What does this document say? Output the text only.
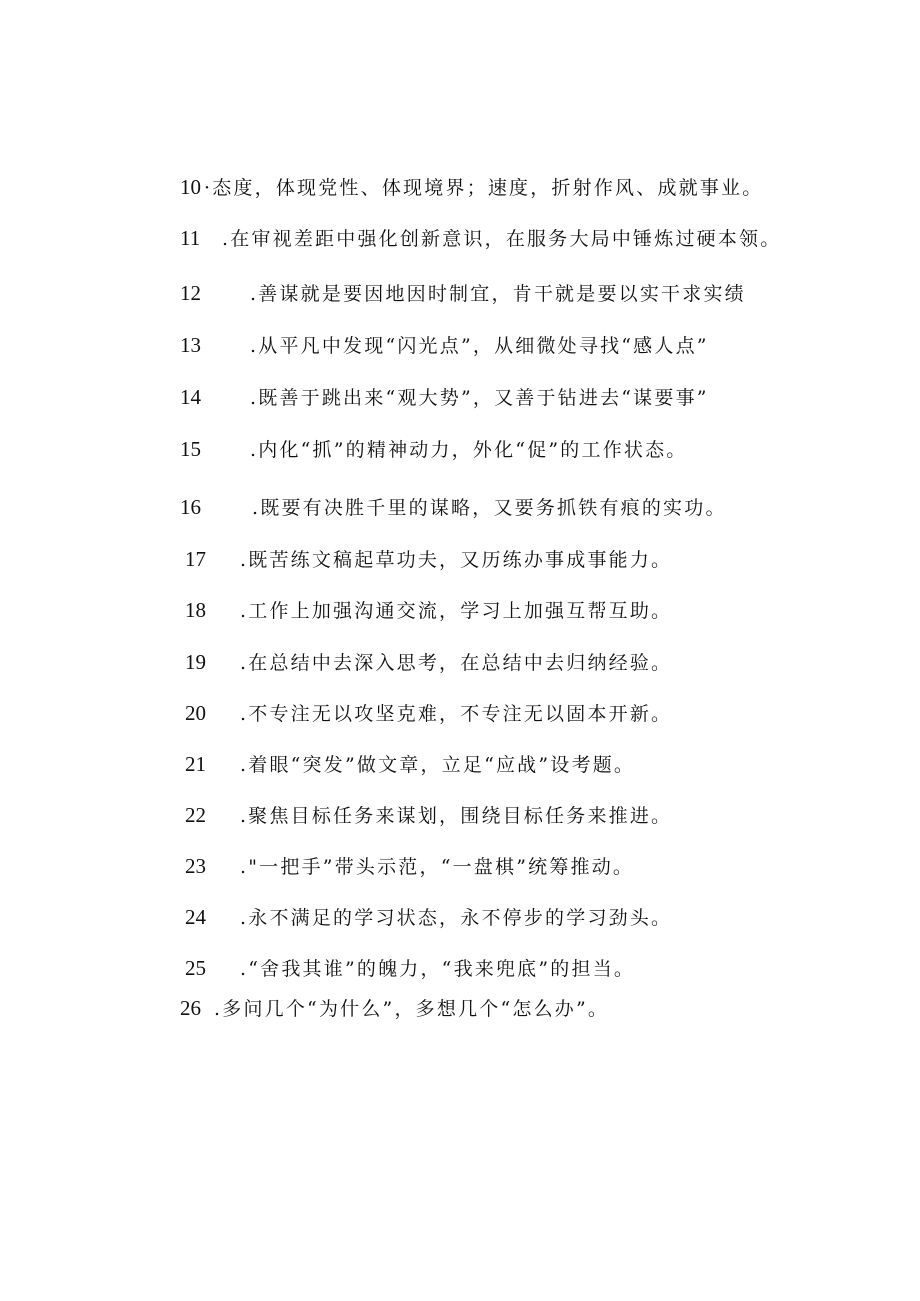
10 ·态度，体现党性、体现境界；速度，折射作风、成就事业。
11 .在审视差距中强化创新意识，在服务大局中锤炼过硬本领。
12	.善谋就是要因地因时制宜，肯干就是要以实干求实绩
13	.从平凡中发现“闪光点”，从细微处寻找“感人点”
14	.既善于跳出来“观大势”，又善于钻进去“谋要事”
15	.内化“抓”的精神动力，外化“促”的工作状态。
16	.既要有决胜千里的谋略，又要务抓铁有痕的实功。
17 .既苦练文稿起草功夫，又历练办事成事能力。
18 .工作上加强沟通交流，学习上加强互帮互助。
19 .在总结中去深入思考，在总结中去归纳经验。
20 .不专注无以攻坚克难，不专注无以固本开新。
21 .着眼“突发”做文章，立足“应战”设考题。
22 .聚焦目标任务来谋划，围绕目标任务来推进。
23 ."一把手”带头示范，“一盘棋”统筹推动。
24 .永不满足的学习状态，永不停步的学习劲头。
25 .“舍我其谁”的魄力，“我来兜底”的担当。
26 .多问几个“为什么”，多想几个“怎么办”。
